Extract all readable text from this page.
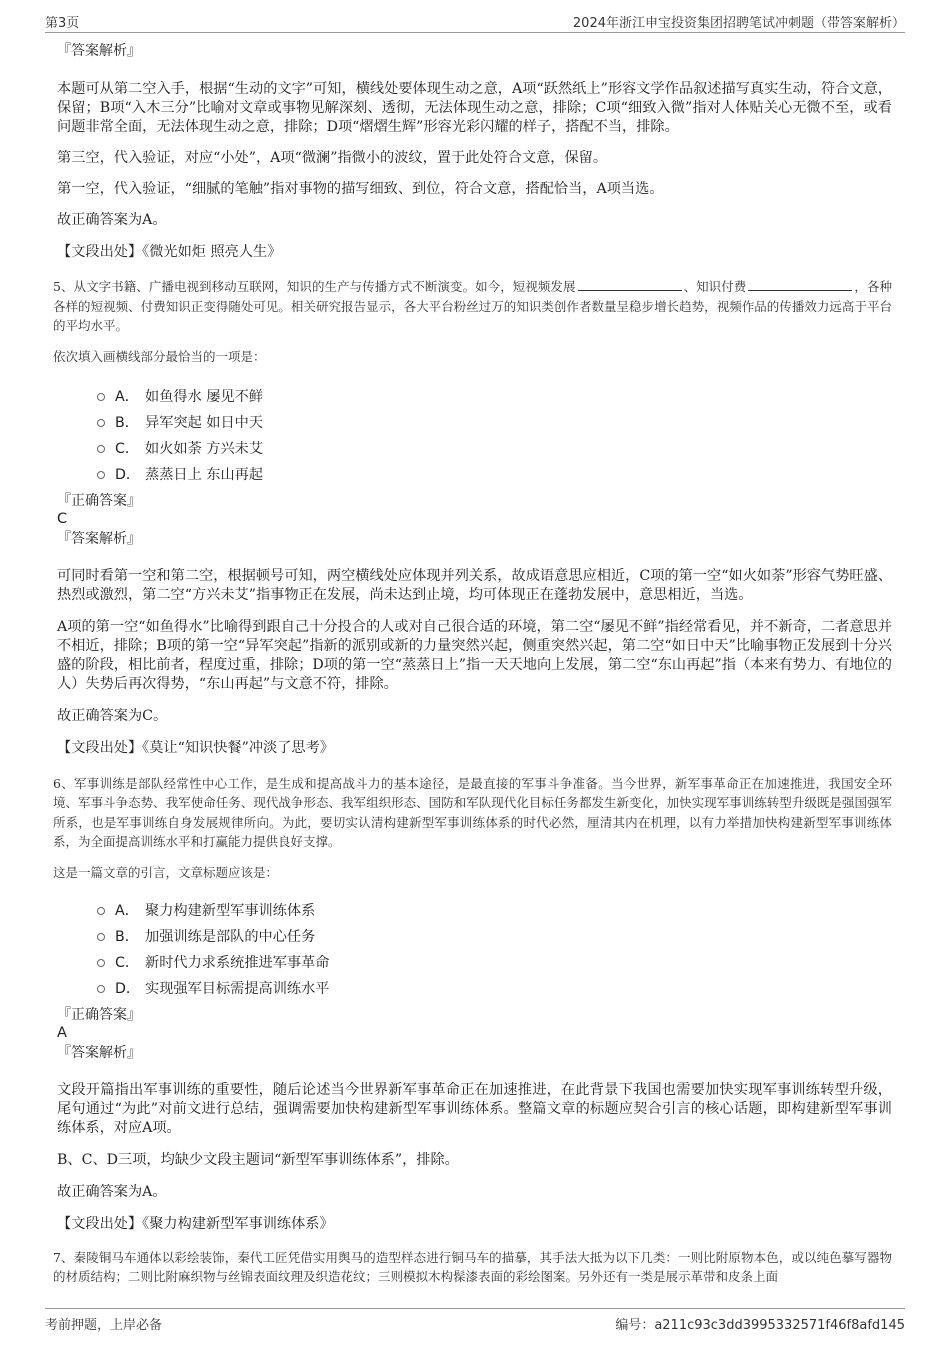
第3页	2024年浙江申宝投资集团招聘笔试冲刺题（带答案解析）

『答案解析』

本题可从第二空入手，根据“生动的文字”可知，横线处要体现生动之意，A项“跃然纸上”形容文学作品叙述描写真实生动，符合文意，保留；B项“入木三分”比喻对文章或事物见解深刻、透彻，无法体现生动之意，排除；C项“细致入微”指对人体贴关心无微不至，或看问题非常全面，无法体现生动之意，排除；D项“熠熠生辉”形容光彩闪耀的样子，搭配不当，排除。

第三空，代入验证，对应“小处”，A项“微澜”指微小的波纹，置于此处符合文意，保留。

第一空，代入验证，“细腻的笔触”指对事物的描写细致、到位，符合文意，搭配恰当，A项当选。

故正确答案为A。

【文段出处】《微光如炬 照亮人生》

5、从文字书籍、广播电视到移动互联网，知识的生产与传播方式不断演变。如今，短视频发展	、知识付费	，各种各样的短视频、付费知识正变得随处可见。相关研究报告显示，各大平台粉丝过万的知识类创作者数量呈稳步增长趋势，视频作品的传播效力远高于平台的平均水平。

依次填入画横线部分最恰当的一项是：

A． 如鱼得水 屡见不鲜
B． 异军突起 如日中天
C． 如火如荼 方兴未艾
D． 蒸蒸日上 东山再起

『正确答案』

C

『答案解析』

可同时看第一空和第二空，根据顿号可知，两空横线处应体现并列关系，故成语意思应相近，C项的第一空“如火如荼”形容气势旺盛、热烈或激烈，第二空“方兴未艾”指事物正在发展，尚未达到止境，均可体现正在蓬勃发展中，意思相近，当选。

A项的第一空“如鱼得水”比喻得到跟自己十分投合的人或对自己很合适的环境，第二空“屡见不鲜”指经常看见，并不新奇，二者意思并不相近，排除；B项的第一空“异军突起”指新的派别或新的力量突然兴起，侧重突然兴起，第二空“如日中天”比喻事物正发展到十分兴盛的阶段，相比前者，程度过重，排除；D项的第一空“蒸蒸日上”指一天天地向上发展，第二空“东山再起”指（本来有势力、有地位的人）失势后再次得势，“东山再起”与文意不符，排除。

故正确答案为C。

【文段出处】《莫让“知识快餐”冲淡了思考》

6、军事训练是部队经常性中心工作，是生成和提高战斗力的基本途径，是最直接的军事斗争准备。当今世界，新军事革命正在加速推进，我国安全环境、军事斗争态势、我军使命任务、现代战争形态、我军组织形态、国防和军队现代化目标任务都发生新变化，加快实现军事训练转型升级既是强国强军所系，也是军事训练自身发展规律所向。为此，要切实认清构建新型军事训练体系的时代必然，厘清其内在机理，以有力举措加快构建新型军事训练体系，为全面提高训练水平和打赢能力提供良好支撑。

这是一篇文章的引言，文章标题应该是：

A． 聚力构建新型军事训练体系
B． 加强训练是部队的中心任务
C． 新时代力求系统推进军事革命
D． 实现强军目标需提高训练水平

『正确答案』

A

『答案解析』

文段开篇指出军事训练的重要性，随后论述当今世界新军事革命正在加速推进，在此背景下我国也需要加快实现军事训练转型升级，尾句通过“为此”对前文进行总结，强调需要加快构建新型军事训练体系。整篇文章的标题应契合引言的核心话题，即构建新型军事训练体系，对应A项。

B、C、D三项，均缺少文段主题词“新型军事训练体系”，排除。

故正确答案为A。

【文段出处】《聚力构建新型军事训练体系》

7、秦陵铜马车通体以彩绘装饰，秦代工匠凭借实用舆马的造型样态进行铜马车的描摹，其手法大抵为以下几类：一则比附原物本色，或以纯色摹写器物的材质结构；二则比附麻织物与丝锦表面纹理及织造花纹；三则模拟木构髹漆表面的彩绘图案。另外还有一类是展示革带和皮条上面

考前押题，上岸必备	编号：a211c93c3dd3995332571f46f8afd145
